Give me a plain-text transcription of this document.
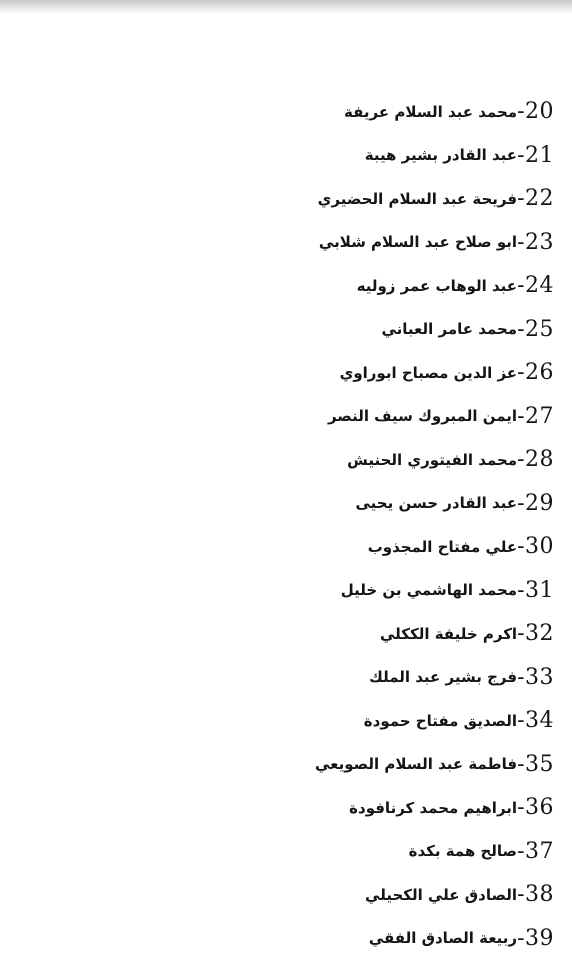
محمد عبد السلام عريفة - 20
عبد القادر بشير هيبة - 21
فريحة عبد السلام الحضيري - 22
ابو صلاح عبد السلام شلابي - 23
عبد الوهاب عمر زوليه - 24
محمد عامر العباني - 25
عز الدين مصباح ابوراوي - 26
ايمن المبروك سيف النصر - 27
محمد الفيتوري الحنيش - 28
عبد القادر حسن يحيى - 29
علي مفتاح المجذوب - 30
محمد الهاشمي بن خليل - 31
اكرم خليفة الككلي - 32
فرج بشير عبد الملك - 33
الصديق مفتاح حمودة - 34
فاطمة عبد السلام الصويعي - 35
ابراهيم محمد كرنافودة - 36
صالح همة بكدة - 37
الصادق علي الكحيلي - 38
ربيعة الصادق الفقي - 39
